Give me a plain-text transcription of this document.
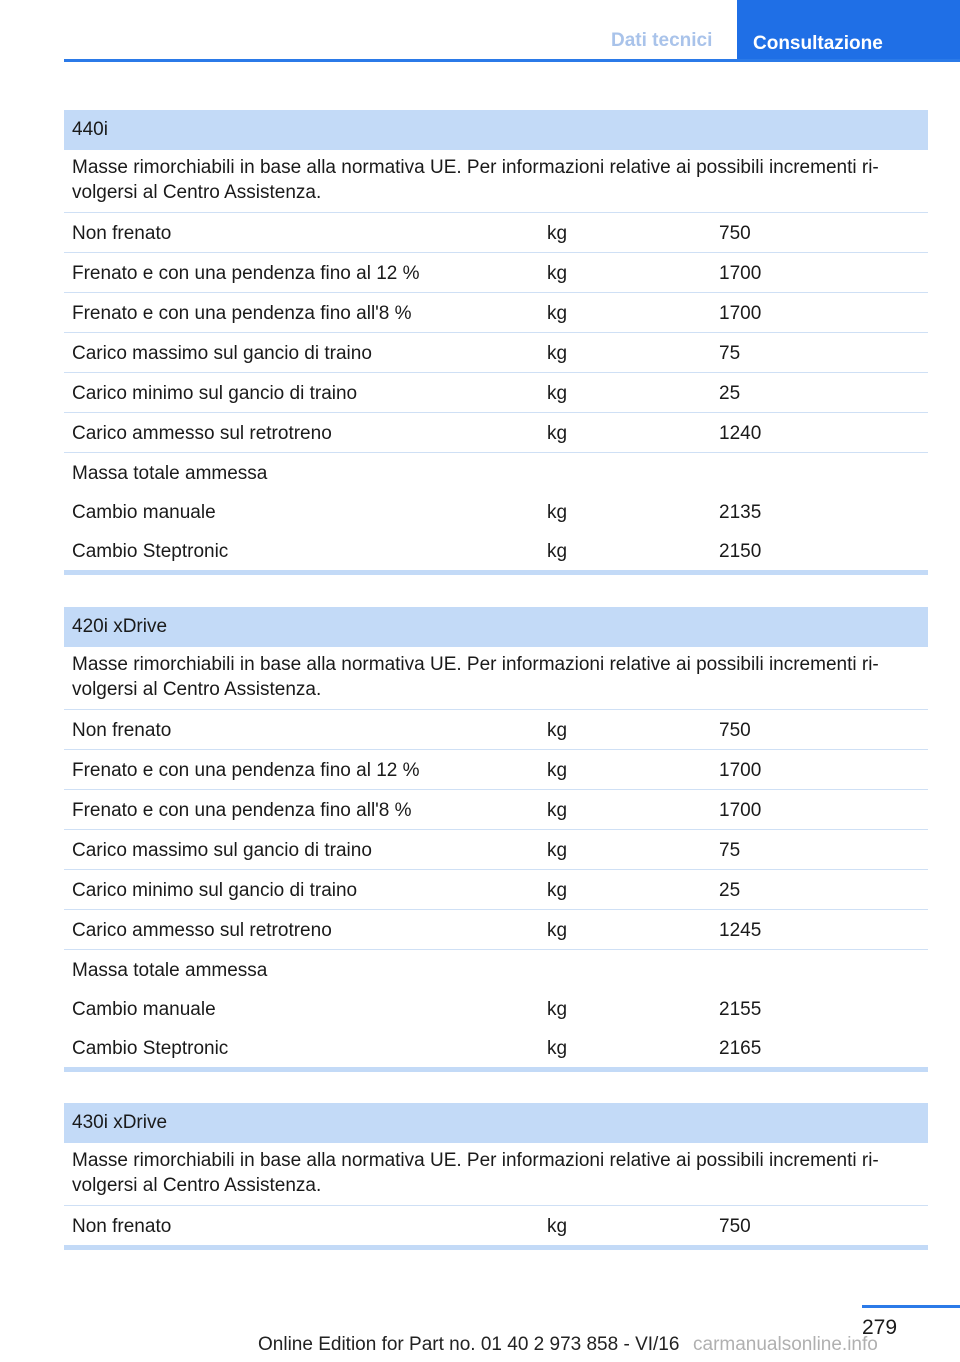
Dati tecnici	Consultazione
440i
Masse rimorchiabili in base alla normativa UE. Per informazioni relative ai possibili incrementi ri-volgersi al Centro Assistenza.
Non frenato	kg	750
Frenato e con una pendenza fino al 12 %	kg	1700
Frenato e con una pendenza fino all'8 %	kg	1700
Carico massimo sul gancio di traino	kg	75
Carico minimo sul gancio di traino	kg	25
Carico ammesso sul retrotreno	kg	1240
Massa totale ammessa
Cambio manuale	kg	2135
Cambio Steptronic	kg	2150
420i xDrive
Masse rimorchiabili in base alla normativa UE. Per informazioni relative ai possibili incrementi ri-volgersi al Centro Assistenza.
Non frenato	kg	750
Frenato e con una pendenza fino al 12 %	kg	1700
Frenato e con una pendenza fino all'8 %	kg	1700
Carico massimo sul gancio di traino	kg	75
Carico minimo sul gancio di traino	kg	25
Carico ammesso sul retrotreno	kg	1245
Massa totale ammessa
Cambio manuale	kg	2155
Cambio Steptronic	kg	2165
430i xDrive
Masse rimorchiabili in base alla normativa UE. Per informazioni relative ai possibili incrementi ri-volgersi al Centro Assistenza.
Non frenato	kg	750
279
Online Edition for Part no. 01 40 2 973 858 - VI/16 carmanualsonline.info
